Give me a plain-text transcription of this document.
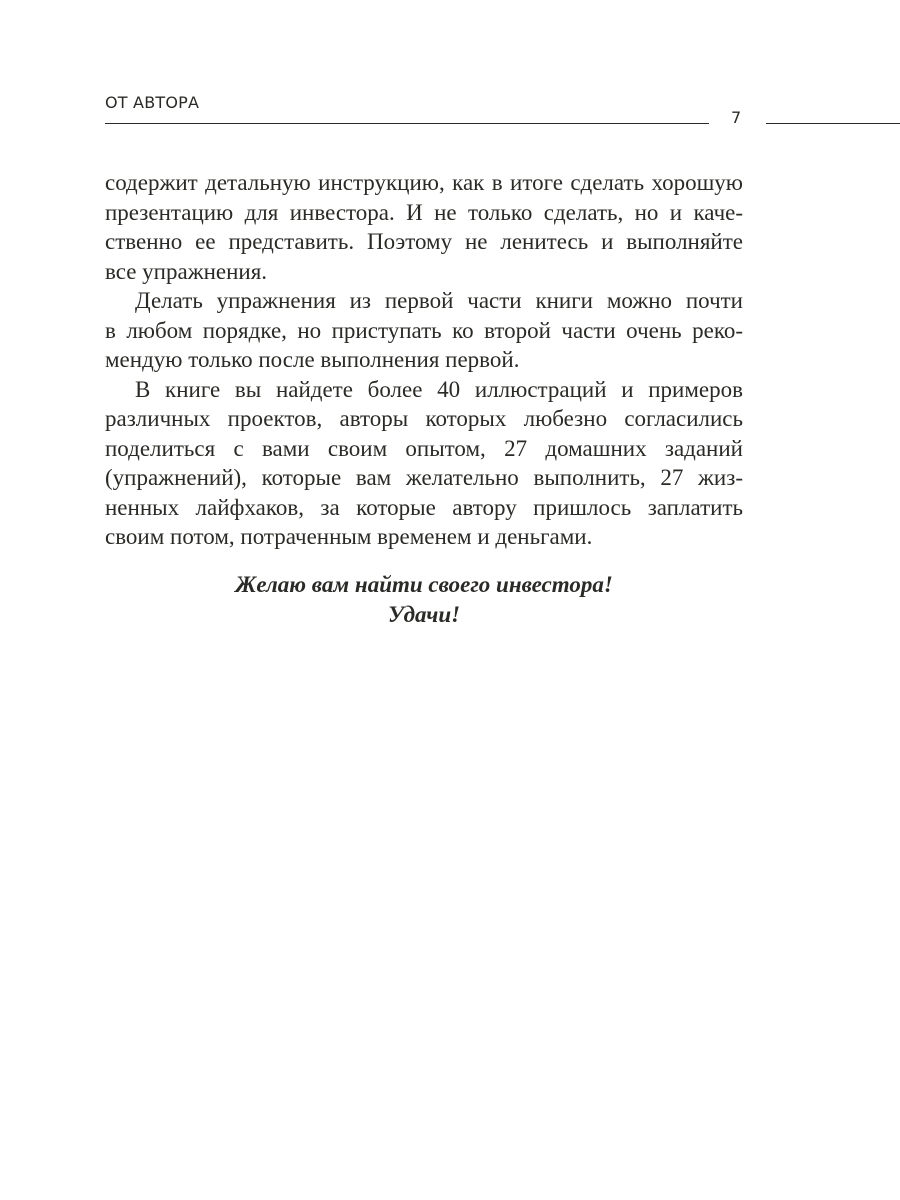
ОТ АВТОРА
7
содержит детальную инструкцию, как в итоге сделать хорошую
презентацию для инвестора. И не только сделать, но и каче-
ственно ее представить. Поэтому не ленитесь и выполняйте
все упражнения.
Делать упражнения из первой части книги можно почти
в любом порядке, но приступать ко второй части очень реко-
мендую только после выполнения первой.
В книге вы найдете более 40 иллюстраций и примеров
различных проектов, авторы которых любезно согласились
поделиться с вами своим опытом, 27 домашних заданий
(упражнений), которые вам желательно выполнить, 27 жиз-
ненных лайфхаков, за которые автору пришлось заплатить
своим потом, потраченным временем и деньгами.
Желаю вам найти своего инвестора!
Удачи!
